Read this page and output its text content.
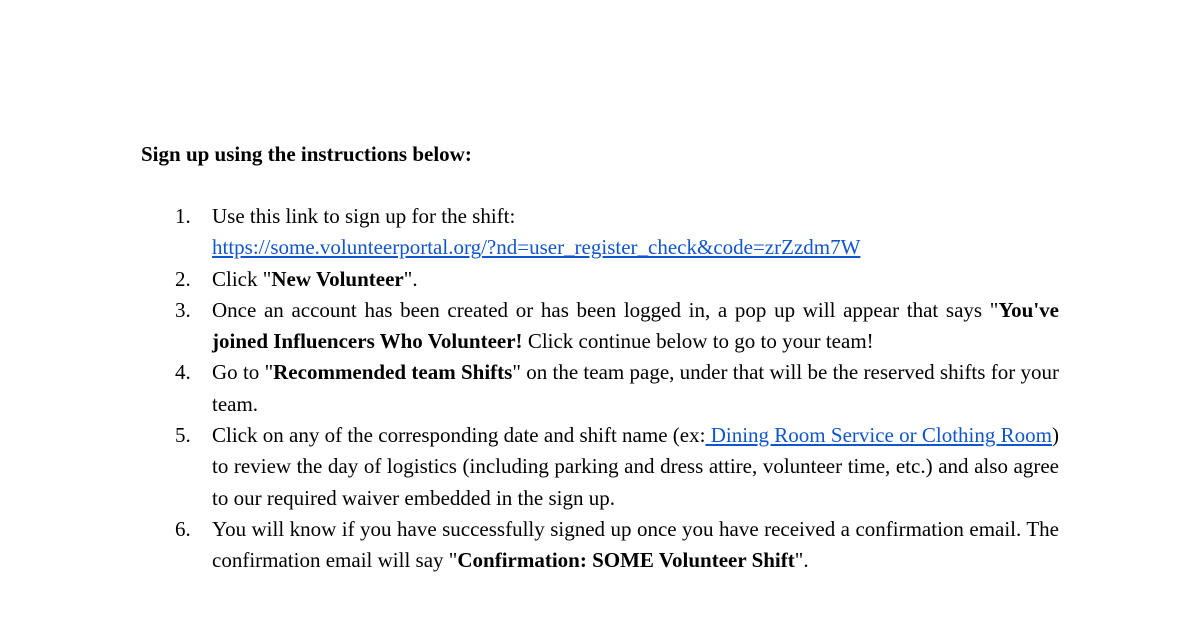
Sign up using the instructions below:

1.	Use this link to sign up for the shift:
https://some.volunteerportal.org/?nd=user_register_check&code=zrZzdm7W
2.	Click "New Volunteer".
3.	Once an account has been created or has been logged in, a pop up will appear that says "You've joined Influencers Who Volunteer! Click continue below to go to your team!
4.	Go to "Recommended team Shifts" on the team page, under that will be the reserved shifts for your team.
5.	Click on any of the corresponding date and shift name (ex: Dining Room Service or Clothing Room) to review the day of logistics (including parking and dress attire, volunteer time, etc.) and also agree to our required waiver embedded in the sign up.
6.	You will know if you have successfully signed up once you have received a confirmation email. The confirmation email will say "Confirmation: SOME Volunteer Shift".
